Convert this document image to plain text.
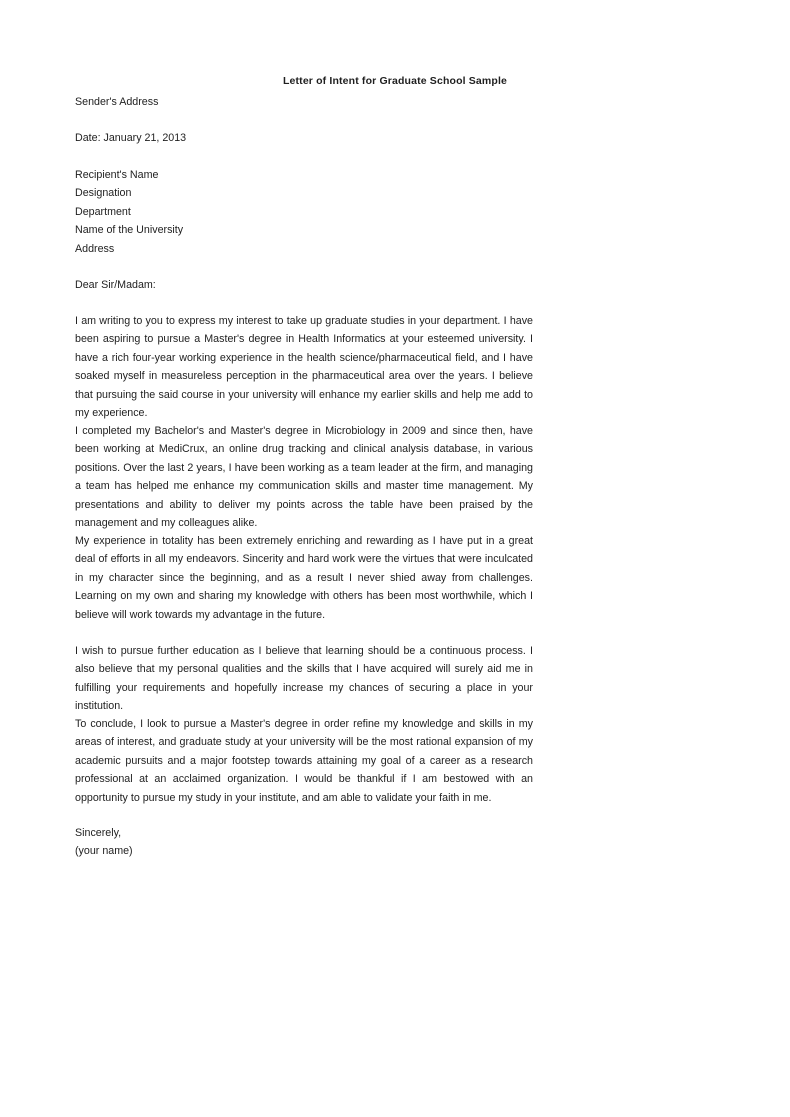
Letter of Intent for Graduate School Sample
Sender's Address
Date: January 21, 2013
Recipient's Name
Designation
Department
Name of the University
Address
Dear Sir/Madam:

I am writing to you to express my interest to take up graduate studies in your department. I have been aspiring to pursue a Master's degree in Health Informatics at your esteemed university. I have a rich four-year working experience in the health science/pharmaceutical field, and I have soaked myself in measureless perception in the pharmaceutical area over the years. I believe that pursuing the said course in your university will enhance my earlier skills and help me add to my experience.

I completed my Bachelor's and Master's degree in Microbiology in 2009 and since then, have been working at MediCrux, an online drug tracking and clinical analysis database, in various positions. Over the last 2 years, I have been working as a team leader at the firm, and managing a team has helped me enhance my communication skills and master time management. My presentations and ability to deliver my points across the table have been praised by the management and my colleagues alike.

My experience in totality has been extremely enriching and rewarding as I have put in a great deal of efforts in all my endeavors. Sincerity and hard work were the virtues that were inculcated in my character since the beginning, and as a result I never shied away from challenges. Learning on my own and sharing my knowledge with others has been most worthwhile, which I believe will work towards my advantage in the future.

I wish to pursue further education as I believe that learning should be a continuous process. I also believe that my personal qualities and the skills that I have acquired will surely aid me in fulfilling your requirements and hopefully increase my chances of securing a place in your institution.

To conclude, I look to pursue a Master's degree in order refine my knowledge and skills in my areas of interest, and graduate study at your university will be the most rational expansion of my academic pursuits and a major footstep towards attaining my goal of a career as a research professional at an acclaimed organization. I would be thankful if I am bestowed with an opportunity to pursue my study in your institute, and am able to validate your faith in me.

Sincerely,
(your name)
